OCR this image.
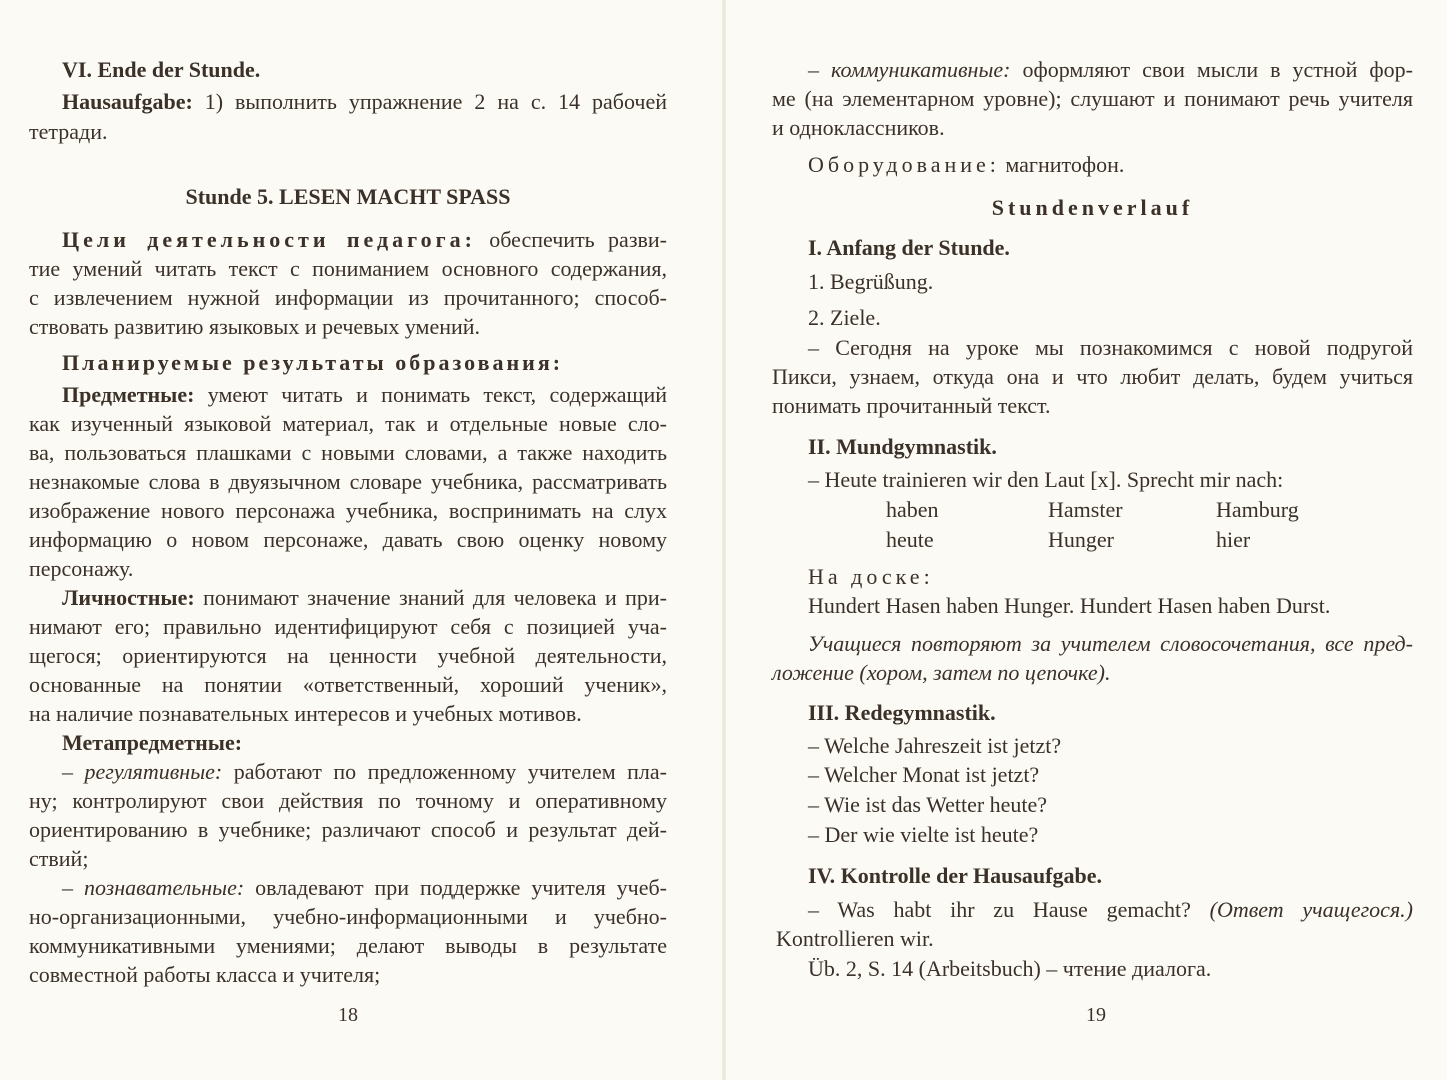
VI. Ende der Stunde.
Hausaufgabe: 1) выполнить упражнение 2 на с. 14 рабочей
тетради.
Stunde 5. LESEN MACHT SPASS
Цели деятельности педагога: обеспечить разви-
тие умений читать текст с пониманием основного содержания,
с извлечением нужной информации из прочитанного; способ-
ствовать развитию языковых и речевых умений.
Планируемые результаты образования:
Предметные: умеют читать и понимать текст, содержащий
как изученный языковой материал, так и отдельные новые сло-
ва, пользоваться плашками с новыми словами, а также находить
незнакомые слова в двуязычном словаре учебника, рассматривать
изображение нового персонажа учебника, воспринимать на слух
информацию о новом персонаже, давать свою оценку новому
персонажу.
Личностные: понимают значение знаний для человека и при-
нимают его; правильно идентифицируют себя с позицией уча-
щегося; ориентируются на ценности учебной деятельности,
основанные на понятии «ответственный, хороший ученик»,
на наличие познавательных интересов и учебных мотивов.
Метапредметные:
– регулятивные: работают по предложенному учителем пла-
ну; контролируют свои действия по точному и оперативному
ориентированию в учебнике; различают способ и результат дей-
ствий;
– познавательные: овладевают при поддержке учителя учеб-
но-организационными, учебно-информационными и учебно-
коммуникативными умениями; делают выводы в результате
совместной работы класса и учителя;
18
– коммуникативные: оформляют свои мысли в устной фор-
ме (на элементарном уровне); слушают и понимают речь учителя
и одноклассников.
Оборудование: магнитофон.
Stundenverlauf
I. Anfang der Stunde.
1. Begrüßung.
2. Ziele.
– Сегодня на уроке мы познакомимся с новой подругой
Пикси, узнаем, откуда она и что любит делать, будем учиться
понимать прочитанный текст.
II. Mundgymnastik.
– Heute trainieren wir den Laut [x]. Sprecht mir nach:
haben	Hamster	Hamburg
heute	Hunger	hier
На доске:
Hundert Hasen haben Hunger. Hundert Hasen haben Durst.
Учащиеся повторяют за учителем словосочетания, все пред-
ложение (хором, затем по цепочке).
III. Redegymnastik.
– Welche Jahreszeit ist jetzt?
– Welcher Monat ist jetzt?
– Wie ist das Wetter heute?
– Der wie vielte ist heute?
IV. Kontrolle der Hausaufgabe.
– Was habt ihr zu Hause gemacht? (Ответ учащегося.)
Kontrollieren wir.
Üb. 2, S. 14 (Arbeitsbuch) – чтение диалога.
19
